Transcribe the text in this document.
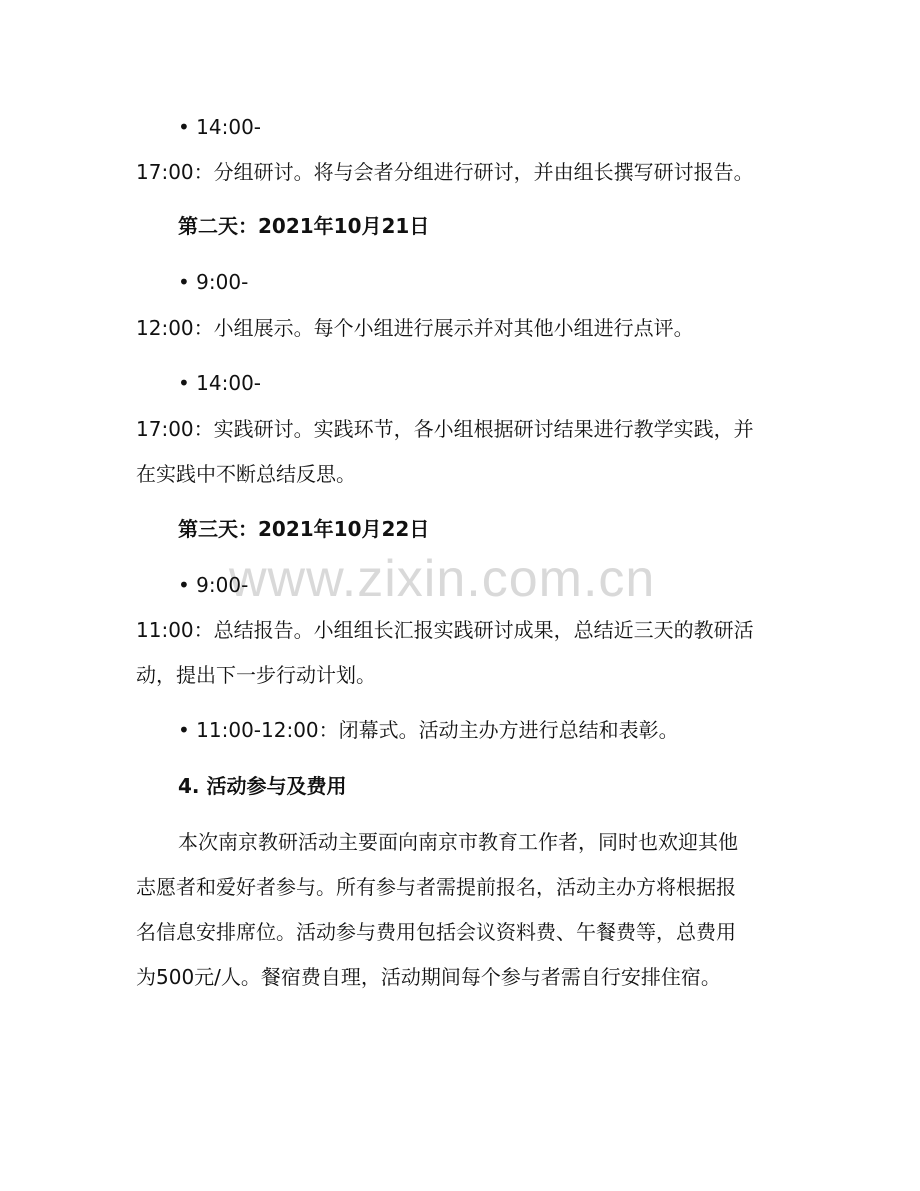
www.zixin.com.cn
• 14:00-
17:00：分组研讨。将与会者分组进行研讨，并由组长撰写研讨报告。
第二天：2021年10月21日
• 9:00-
12:00：小组展示。每个小组进行展示并对其他小组进行点评。
• 14:00-
17:00：实践研讨。实践环节，各小组根据研讨结果进行教学实践，并
在实践中不断总结反思。
第三天：2021年10月22日
• 9:00-
11:00：总结报告。小组组长汇报实践研讨成果，总结近三天的教研活
动，提出下一步行动计划。
• 11:00-12:00：闭幕式。活动主办方进行总结和表彰。
4. 活动参与及费用
本次南京教研活动主要面向南京市教育工作者，同时也欢迎其他
志愿者和爱好者参与。所有参与者需提前报名，活动主办方将根据报
名信息安排席位。活动参与费用包括会议资料费、午餐费等，总费用
为500元/人。餐宿费自理，活动期间每个参与者需自行安排住宿。
